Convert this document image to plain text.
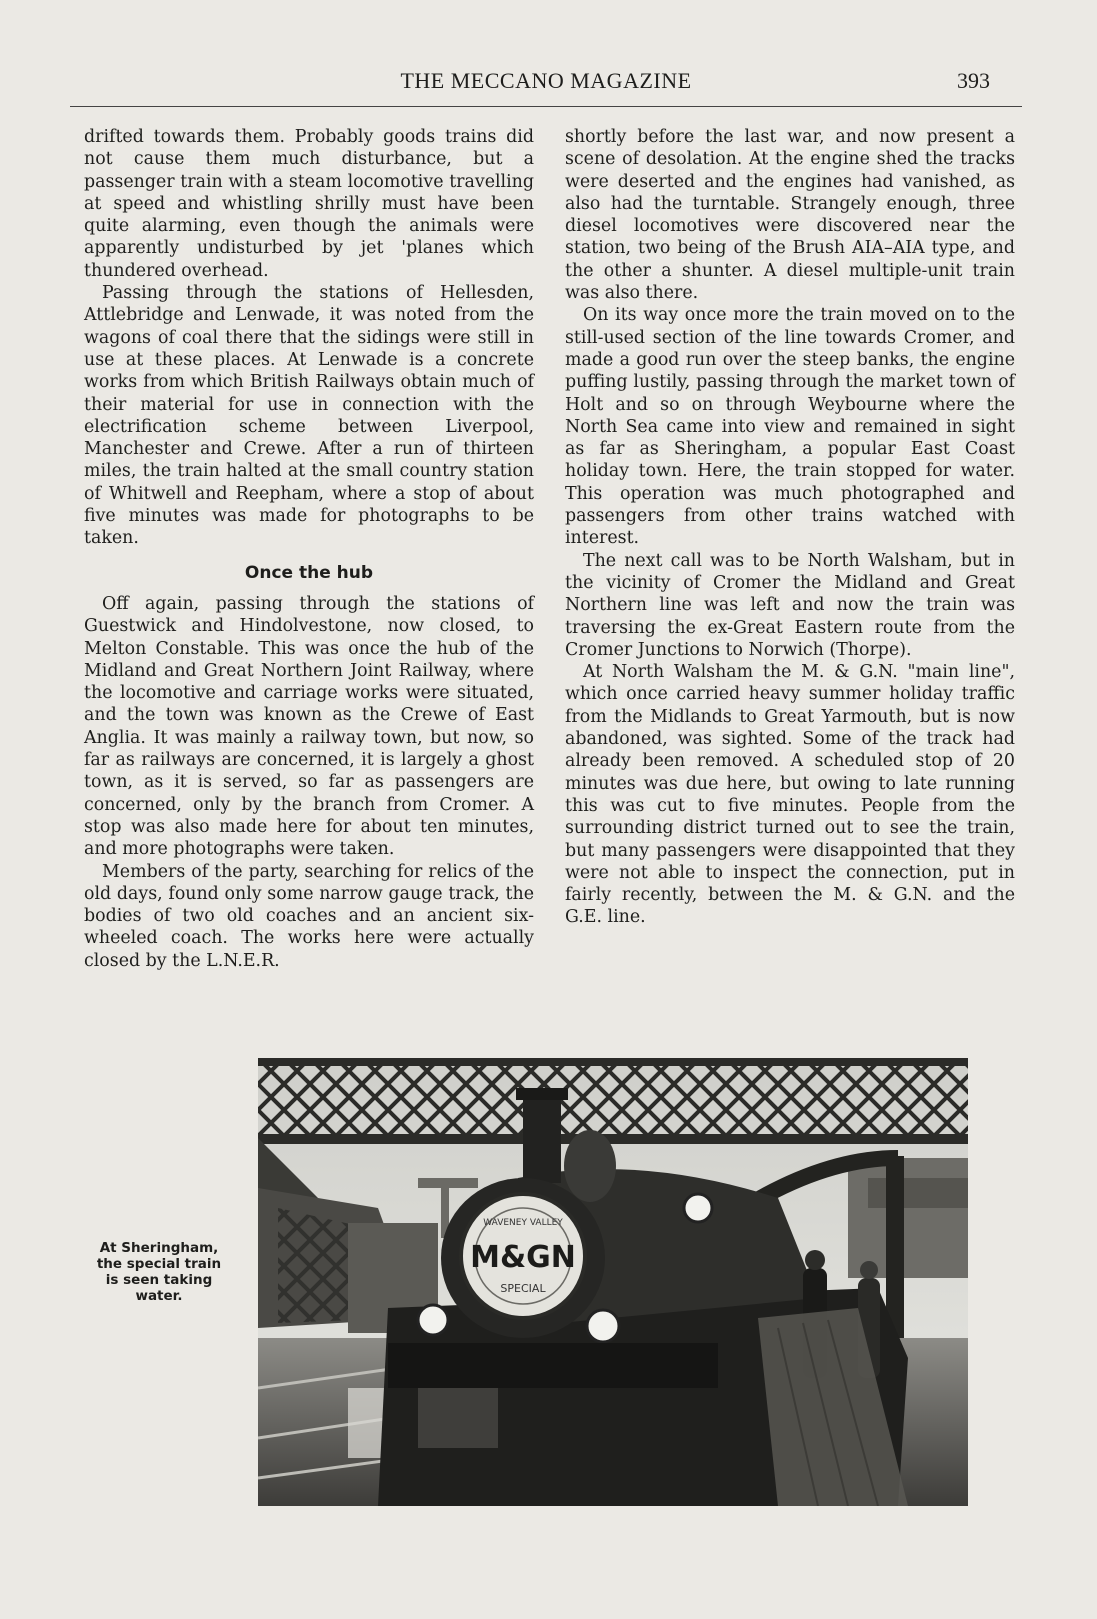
THE MECCANO MAGAZINE	393

drifted towards them. Probably goods trains did not cause them much disturbance, but a passenger train with a steam locomotive travelling at speed and whistling shrilly must have been quite alarming, even though the animals were apparently undisturbed by jet 'planes which thundered overhead.

Passing through the stations of Hellesden, Attlebridge and Lenwade, it was noted from the wagons of coal there that the sidings were still in use at these places. At Lenwade is a concrete works from which British Railways obtain much of their material for use in connection with the electrification scheme between Liverpool, Manchester and Crewe. After a run of thirteen miles, the train halted at the small country station of Whitwell and Reepham, where a stop of about five minutes was made for photographs to be taken.

Once the hub

Off again, passing through the stations of Guestwick and Hindolvestone, now closed, to Melton Constable. This was once the hub of the Midland and Great Northern Joint Railway, where the locomotive and carriage works were situated, and the town was known as the Crewe of East Anglia. It was mainly a railway town, but now, so far as railways are concerned, it is largely a ghost town, as it is served, so far as passengers are concerned, only by the branch from Cromer. A stop was also made here for about ten minutes, and more photographs were taken.

Members of the party, searching for relics of the old days, found only some narrow gauge track, the bodies of two old coaches and an ancient six-wheeled coach. The works here were actually closed by the L.N.E.R.

shortly before the last war, and now present a scene of desolation. At the engine shed the tracks were deserted and the engines had vanished, as also had the turntable. Strangely enough, three diesel locomotives were discovered near the station, two being of the Brush AIA–AIA type, and the other a shunter. A diesel multiple-unit train was also there.

On its way once more the train moved on to the still-used section of the line towards Cromer, and made a good run over the steep banks, the engine puffing lustily, passing through the market town of Holt and so on through Weybourne where the North Sea came into view and remained in sight as far as Sheringham, a popular East Coast holiday town. Here, the train stopped for water. This operation was much photographed and passengers from other trains watched with interest.

The next call was to be North Walsham, but in the vicinity of Cromer the Midland and Great Northern line was left and now the train was traversing the ex-Great Eastern route from the Cromer Junctions to Norwich (Thorpe).

At North Walsham the M. & G.N. "main line", which once carried heavy summer holiday traffic from the Midlands to Great Yarmouth, but is now abandoned, was sighted. Some of the track had already been removed. A scheduled stop of 20 minutes was due here, but owing to late running this was cut to five minutes. People from the surrounding district turned out to see the train, but many passengers were disappointed that they were not able to inspect the connection, put in fairly recently, between the M. & G.N. and the G.E. line.

At Sheringham,
the special train
is seen taking
water.
WAVENEY VALLEY
M&GN
SPECIAL
